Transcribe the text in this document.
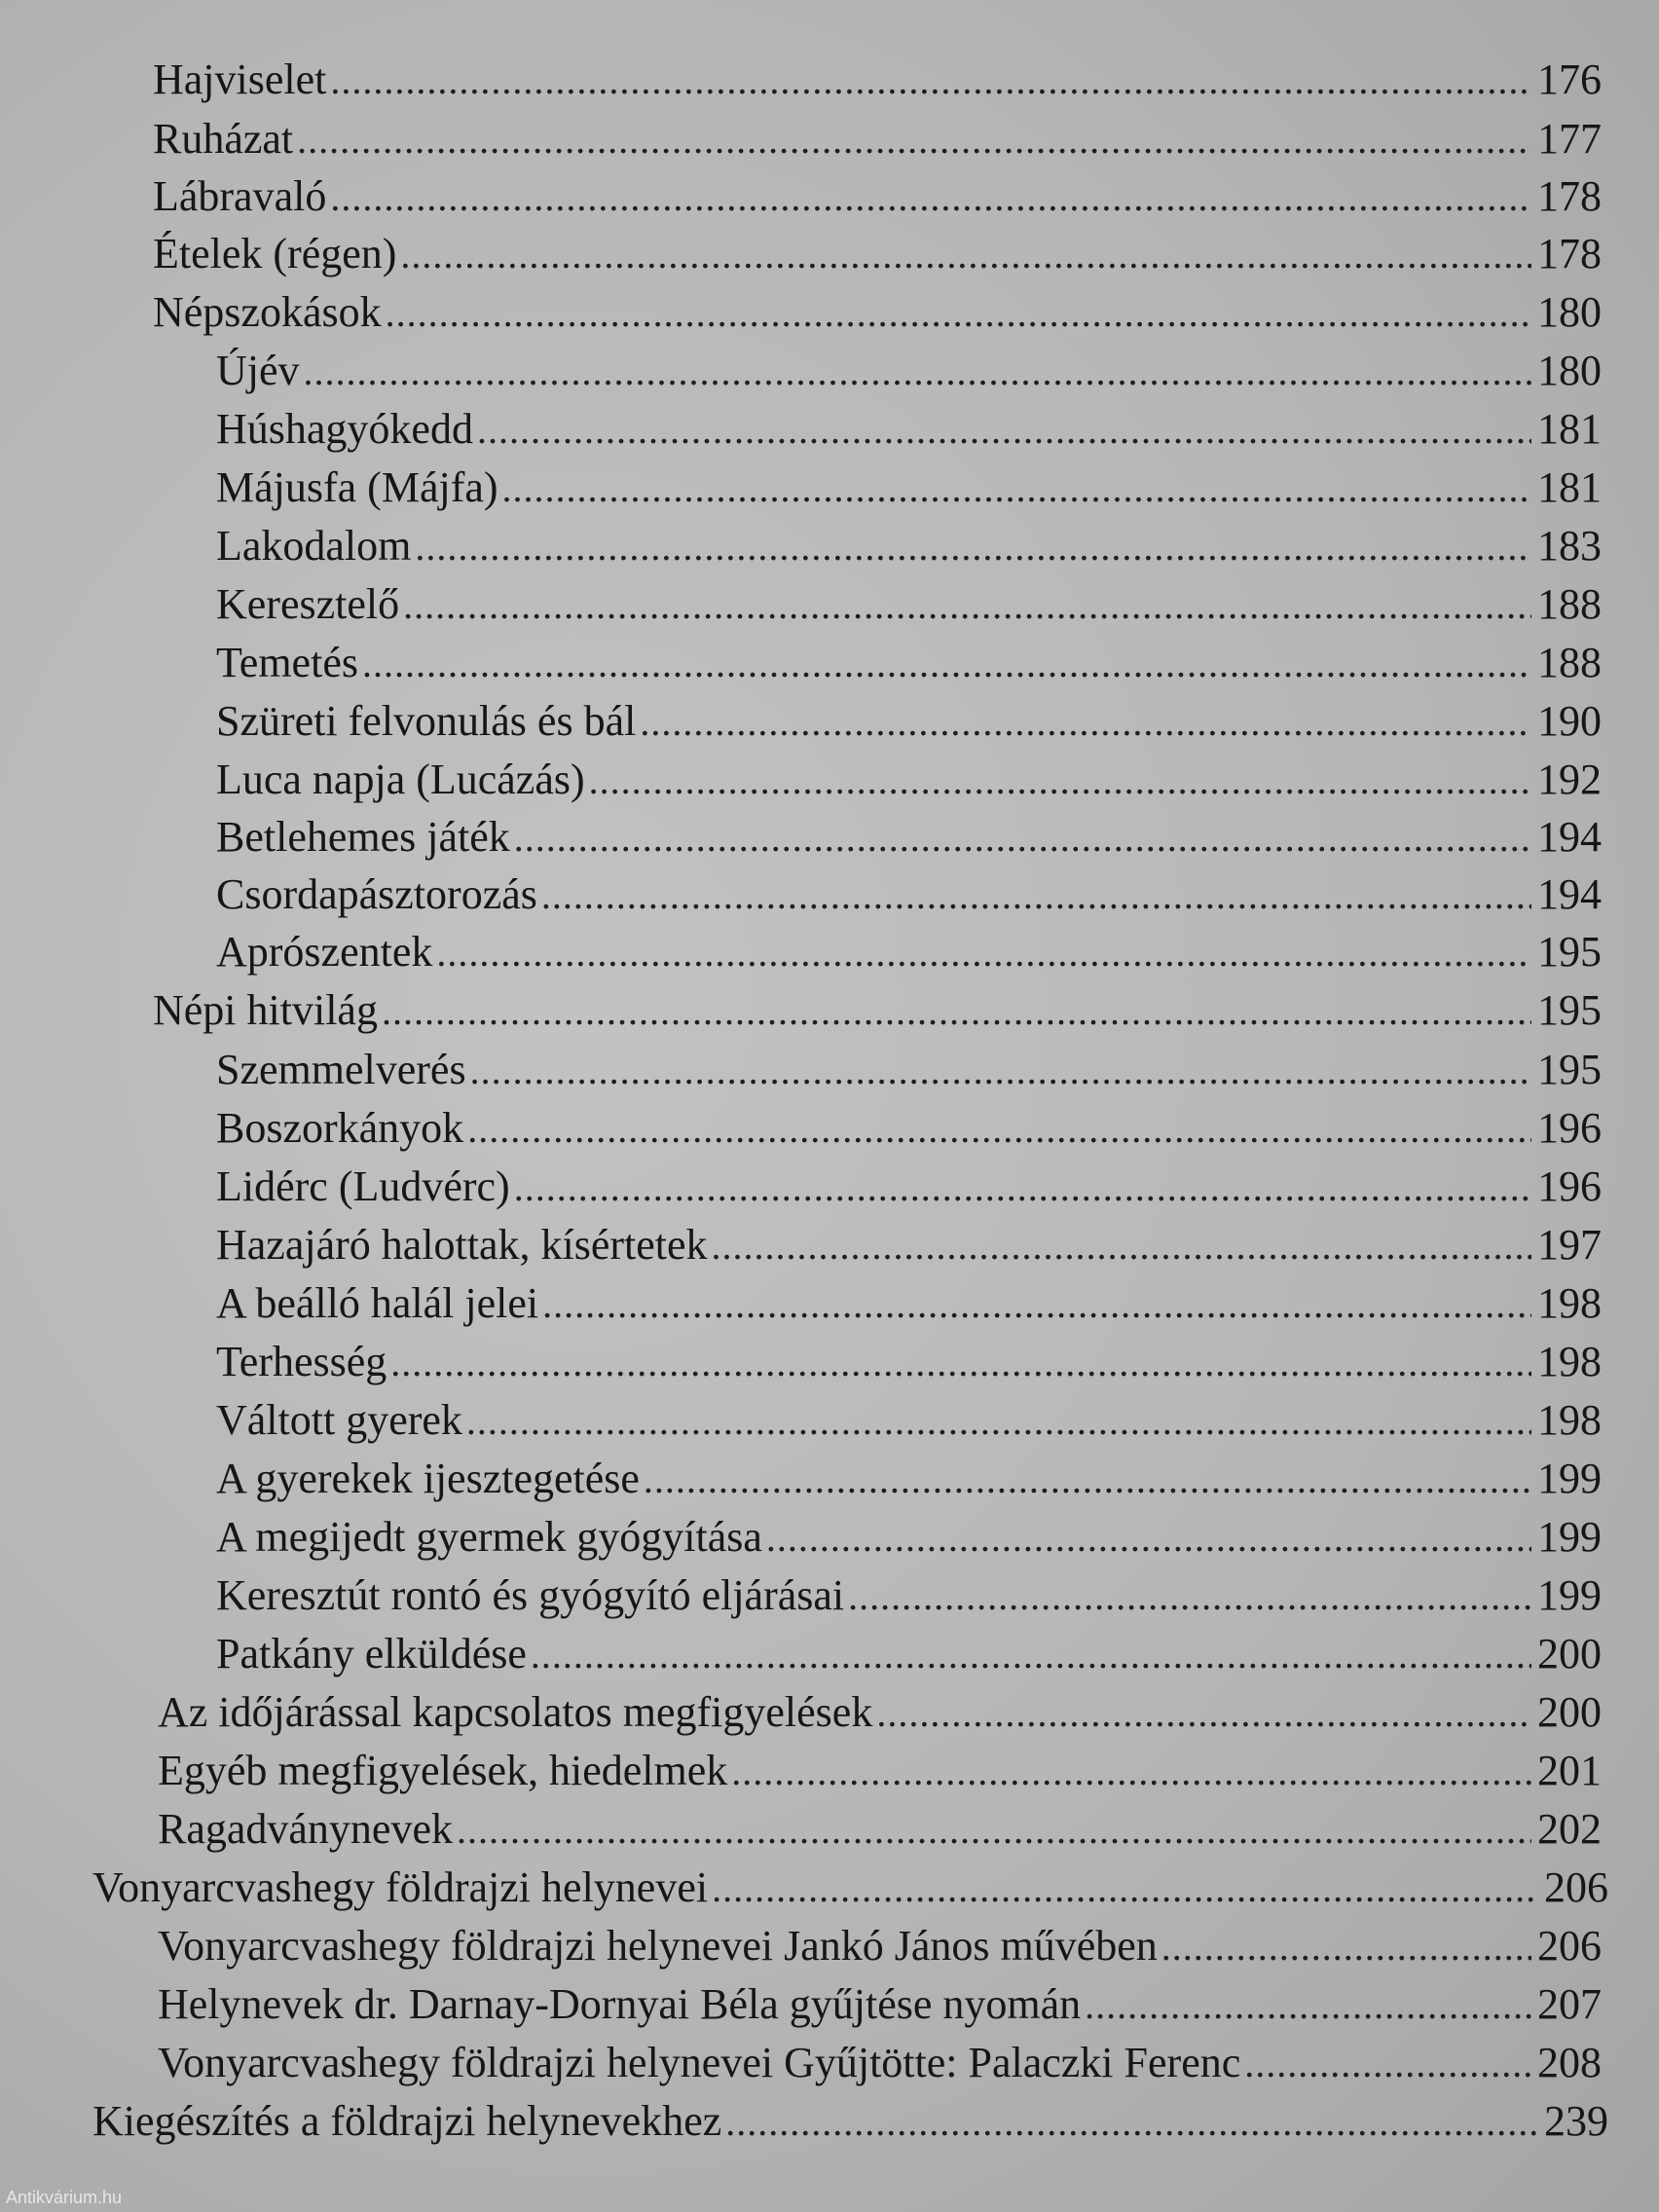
Hajviselet .....	176
Ruházat .....	177
Lábravaló .....	178
Ételek (régen) .....	178
Népszokások .....	180
Újév .....	180
Húshagyókedd .....	181
Májusfa (Májfa) .....	181
Lakodalom .....	183
Keresztelő .....	188
Temetés .....	188
Szüreti felvonulás és bál .....	190
Luca napja (Lucázás) .....	192
Betlehemes játék .....	194
Csordapásztorozás .....	194
Aprószentek .....	195
Népi hitvilág .....	195
Szemmelverés .....	195
Boszorkányok .....	196
Lidérc (Ludvérc) .....	196
Hazajáró halottak, kísértetek .....	197
A beálló halál jelei .....	198
Terhesség .....	198
Váltott gyerek .....	198
A gyerekek ijesztegetése .....	199
A megijedt gyermek gyógyítása .....	199
Keresztút rontó és gyógyító eljárásai .....	199
Patkány elküldése .....	200
Az időjárással kapcsolatos megfigyelések .....	200
Egyéb megfigyelések, hiedelmek .....	201
Ragadványnevek .....	202
Vonyarcvashegy földrajzi helynevei .....	206
Vonyarcvashegy földrajzi helynevei Jankó János művében .....	206
Helynevek dr. Darnay-Dornyai Béla gyűjtése nyomán .....	207
Vonyarcvashegy földrajzi helynevei Gyűjtötte: Palaczki Ferenc .....	208
Kiegészítés a földrajzi helynevekhez .....	239
Antikvárium.hu
